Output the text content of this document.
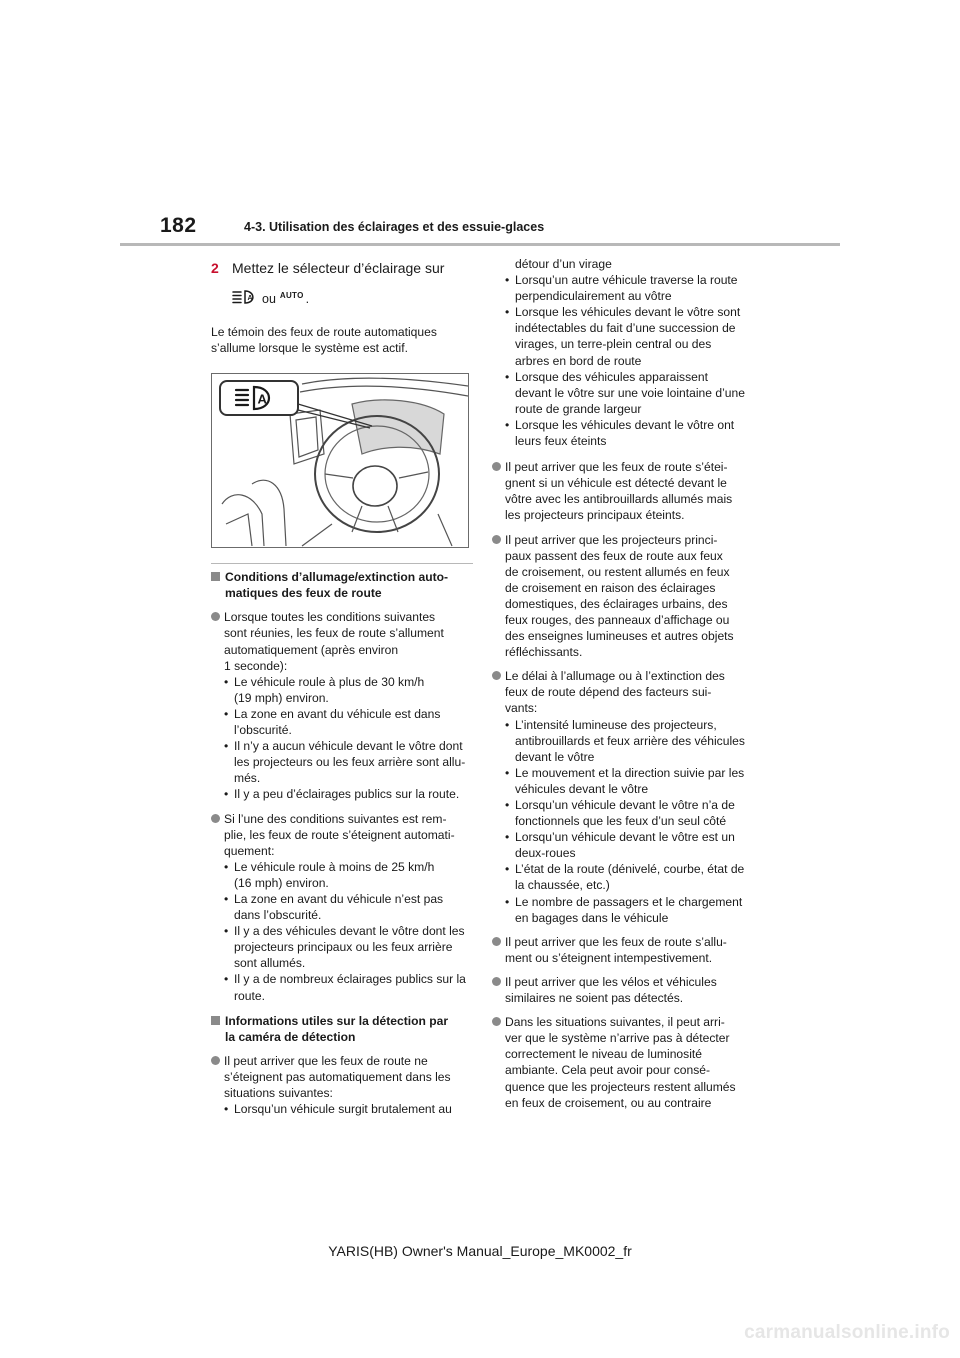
182	4-3. Utilisation des éclairages et des essuie-glaces
2 Mettez le sélecteur d’éclairage sur
A ou AUTO .

Le témoin des feux de route automatiques s’allume lorsque le système est actif.

A
Conditions d’allumage/extinction auto-
matiques des feux de route
Lorsque toutes les conditions suivantes
sont réunies, les feux de route s’allument
automatiquement (après environ
1 seconde):
• Le véhicule roule à plus de 30 km/h
(19 mph) environ.
• La zone en avant du véhicule est dans
l’obscurité.
• Il n’y a aucun véhicule devant le vôtre dont
les projecteurs ou les feux arrière sont allu-
més.
• Il y a peu d’éclairages publics sur la route.
Si l’une des conditions suivantes est rem-
plie, les feux de route s’éteignent automati-
quement:
• Le véhicule roule à moins de 25 km/h
(16 mph) environ.
• La zone en avant du véhicule n’est pas
dans l’obscurité.
• Il y a des véhicules devant le vôtre dont les
projecteurs principaux ou les feux arrière
sont allumés.
• Il y a de nombreux éclairages publics sur la
route.
Informations utiles sur la détection par
la caméra de détection
Il peut arriver que les feux de route ne
s’éteignent pas automatiquement dans les
situations suivantes:
• Lorsqu’un véhicule surgit brutalement au
détour d’un virage
• Lorsqu’un autre véhicule traverse la route
perpendiculairement au vôtre
• Lorsque les véhicules devant le vôtre sont
indétectables du fait d’une succession de
virages, un terre-plein central ou des
arbres en bord de route
• Lorsque des véhicules apparaissent
devant le vôtre sur une voie lointaine d’une
route de grande largeur
• Lorsque les véhicules devant le vôtre ont
leurs feux éteints
Il peut arriver que les feux de route s’étei-
gnent si un véhicule est détecté devant le
vôtre avec les antibrouillards allumés mais
les projecteurs principaux éteints.
Il peut arriver que les projecteurs princi-
paux passent des feux de route aux feux
de croisement, ou restent allumés en feux
de croisement en raison des éclairages
domestiques, des éclairages urbains, des
feux rouges, des panneaux d’affichage ou
des enseignes lumineuses et autres objets
réfléchissants.
Le délai à l’allumage ou à l’extinction des
feux de route dépend des facteurs sui-
vants:
• L’intensité lumineuse des projecteurs,
antibrouillards et feux arrière des véhicules
devant le vôtre
• Le mouvement et la direction suivie par les
véhicules devant le vôtre
• Lorsqu’un véhicule devant le vôtre n’a de
fonctionnels que les feux d’un seul côté
• Lorsqu’un véhicule devant le vôtre est un
deux-roues
• L’état de la route (dénivelé, courbe, état de
la chaussée, etc.)
• Le nombre de passagers et le chargement
en bagages dans le véhicule
Il peut arriver que les feux de route s’allu-
ment ou s’éteignent intempestivement.
Il peut arriver que les vélos et véhicules
similaires ne soient pas détectés.
Dans les situations suivantes, il peut arri-
ver que le système n’arrive pas à détecter
correctement le niveau de luminosité
ambiante. Cela peut avoir pour consé-
quence que les projecteurs restent allumés
en feux de croisement, ou au contraire
YARIS(HB) Owner's Manual_Europe_MK0002_fr
carmanualsonline.info
